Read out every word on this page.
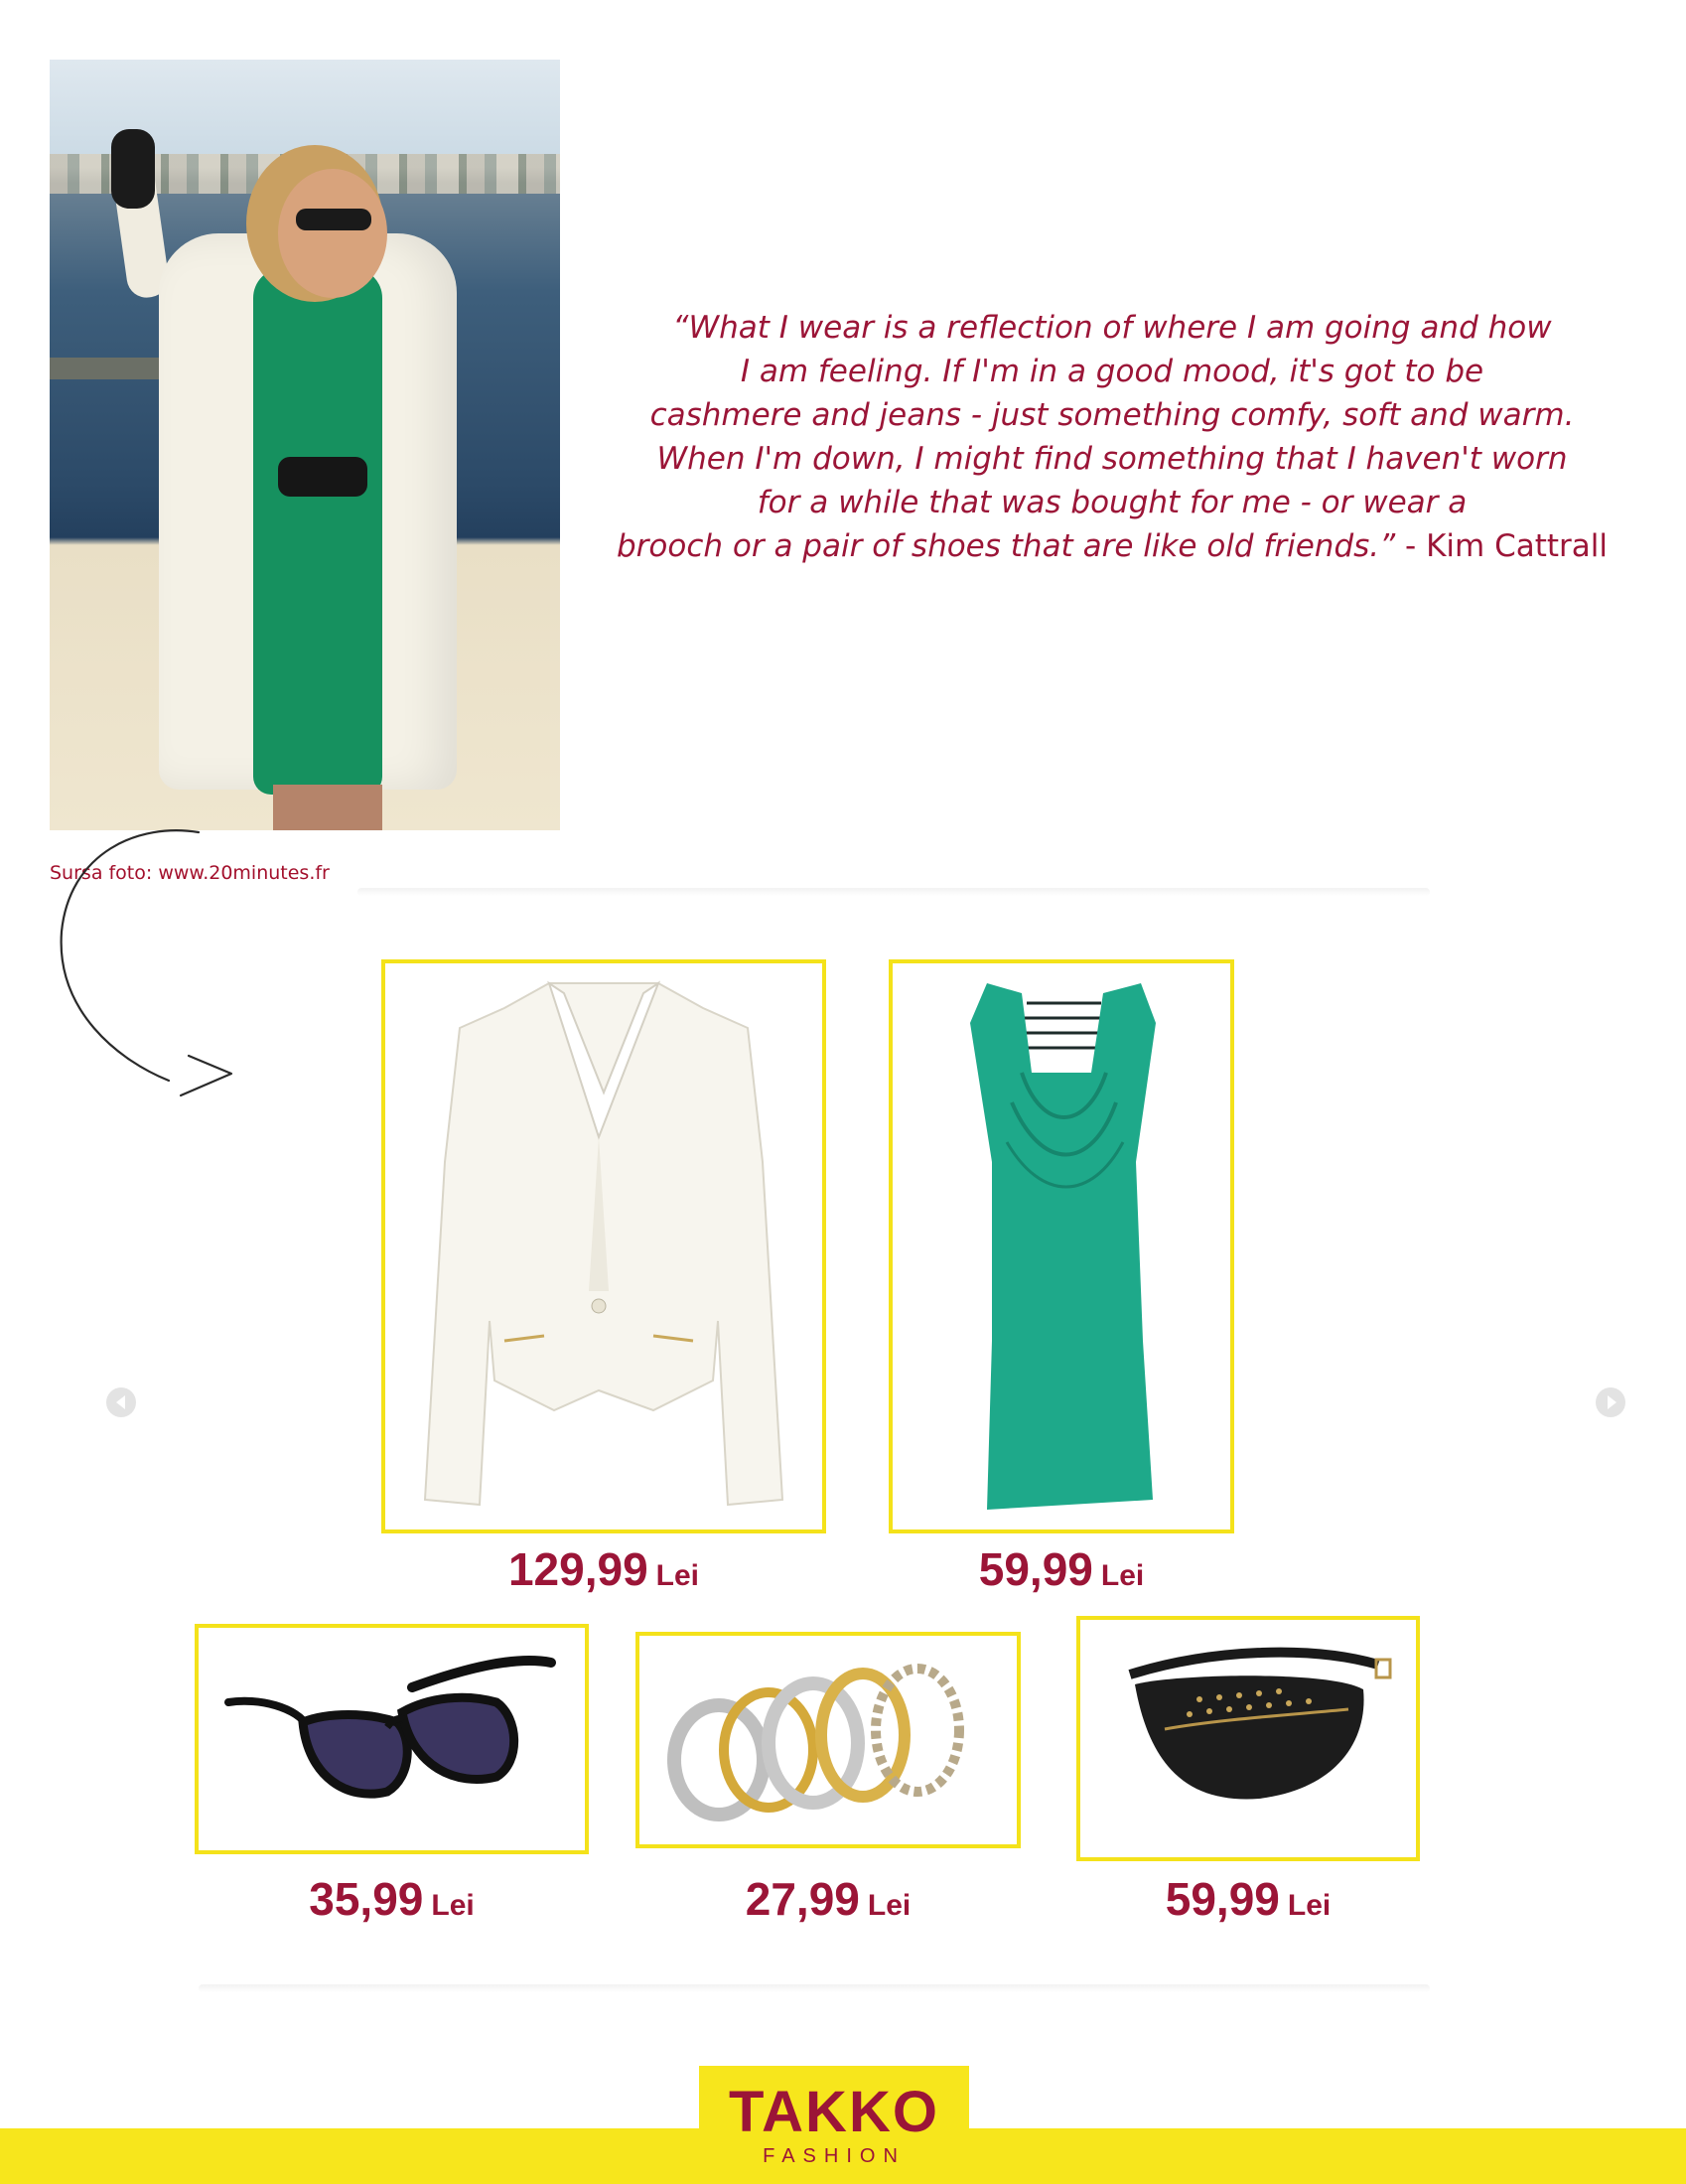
“What I wear is a reflection of where I am going and how
I am feeling. If I'm in a good mood, it's got to be
cashmere and jeans - just something comfy, soft and warm.
When I'm down, I might find something that I haven't worn
for a while that was bought for me - or wear a
brooch or a pair of shoes that are like old friends.” - Kim Cattrall
Sursa foto: www.20minutes.fr
129,99 Lei	59,99 Lei
35,99 Lei	27,99 Lei	59,99 Lei
TAKKO
FASHION
